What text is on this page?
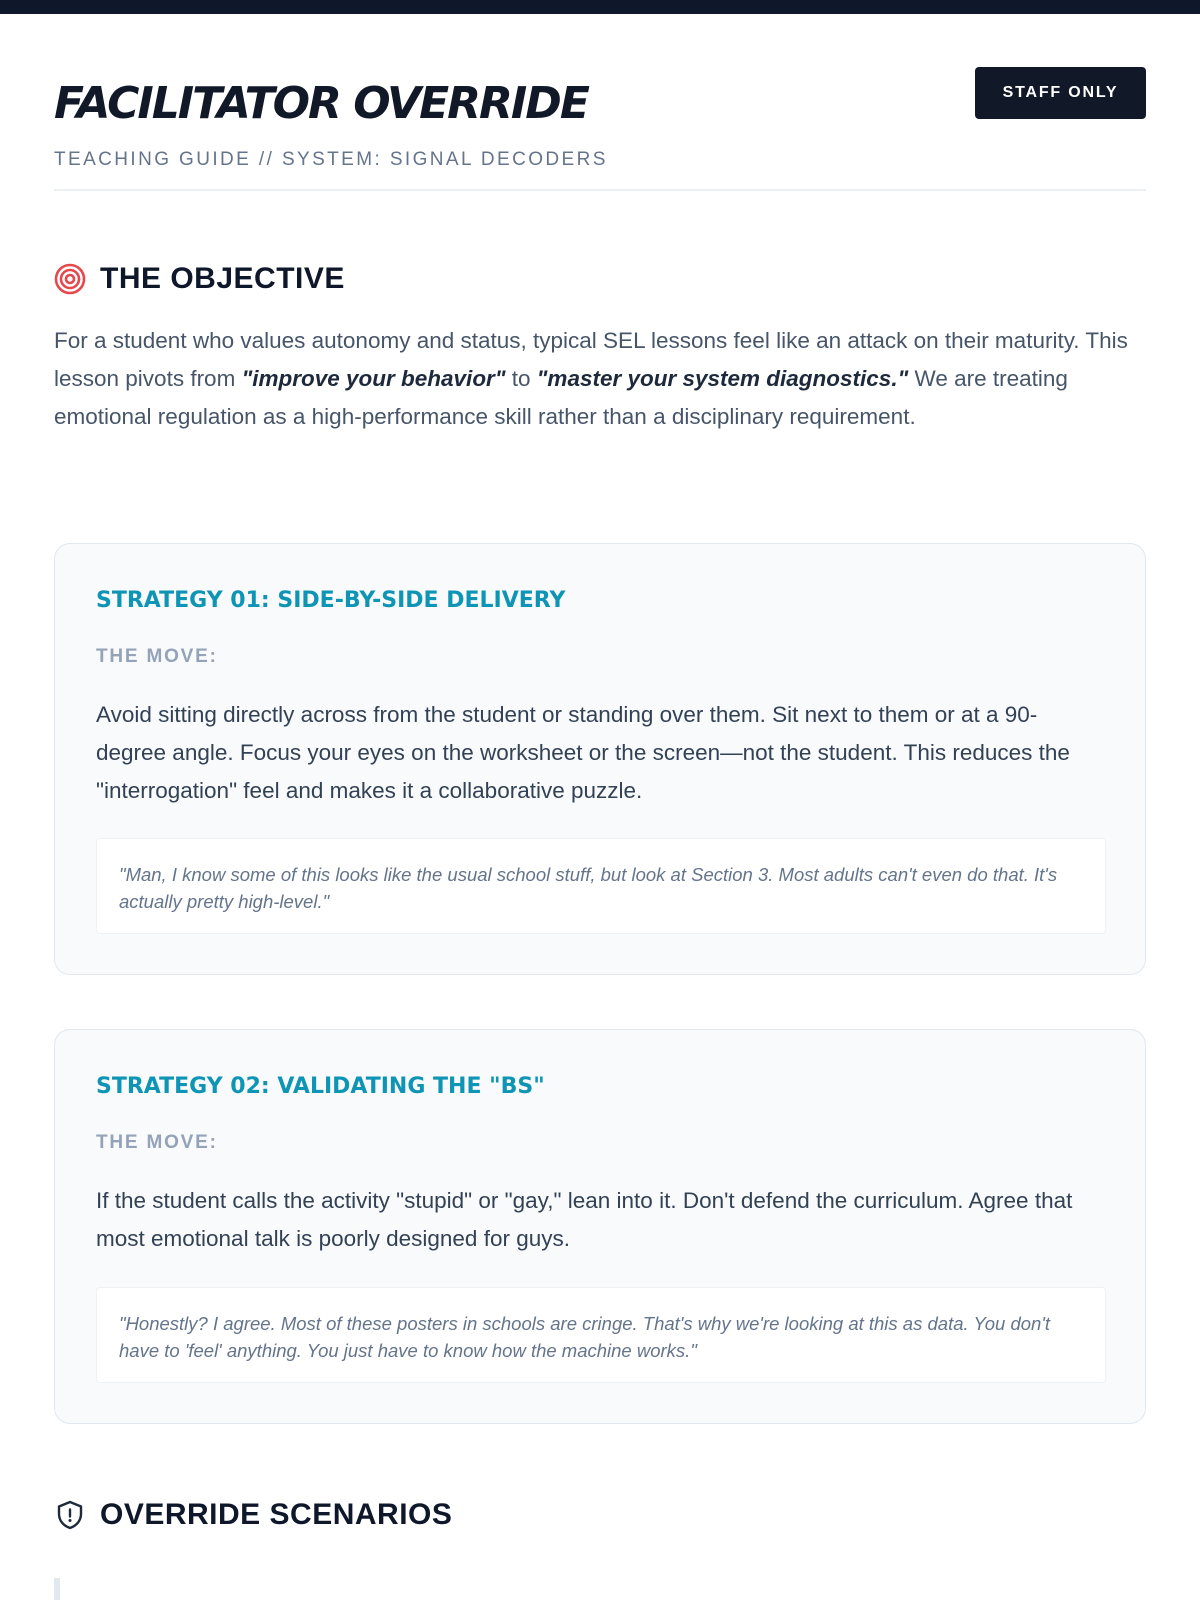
FACILITATOR OVERRIDE
TEACHING GUIDE // SYSTEM: SIGNAL DECODERS
STAFF ONLY
THE OBJECTIVE

For a student who values autonomy and status, typical SEL lessons feel like an attack on their maturity. This lesson pivots from "improve your behavior" to "master your system diagnostics." We are treating emotional regulation as a high-performance skill rather than a disciplinary requirement.

STRATEGY 01: SIDE-BY-SIDE DELIVERY
THE MOVE:

Avoid sitting directly across from the student or standing over them. Sit next to them or at a 90-degree angle. Focus your eyes on the worksheet or the screen—not the student. This reduces the "interrogation" feel and makes it a collaborative puzzle.

"Man, I know some of this looks like the usual school stuff, but look at Section 3. Most adults can't even do that. It's actually pretty high-level."
STRATEGY 02: VALIDATING THE "BS"
THE MOVE:

If the student calls the activity "stupid" or "gay," lean into it. Don't defend the curriculum. Agree that most emotional talk is poorly designed for guys.

"Honestly? I agree. Most of these posters in schools are cringe. That's why we're looking at this as data. You don't have to 'feel' anything. You just have to know how the machine works."
OVERRIDE SCENARIOS
